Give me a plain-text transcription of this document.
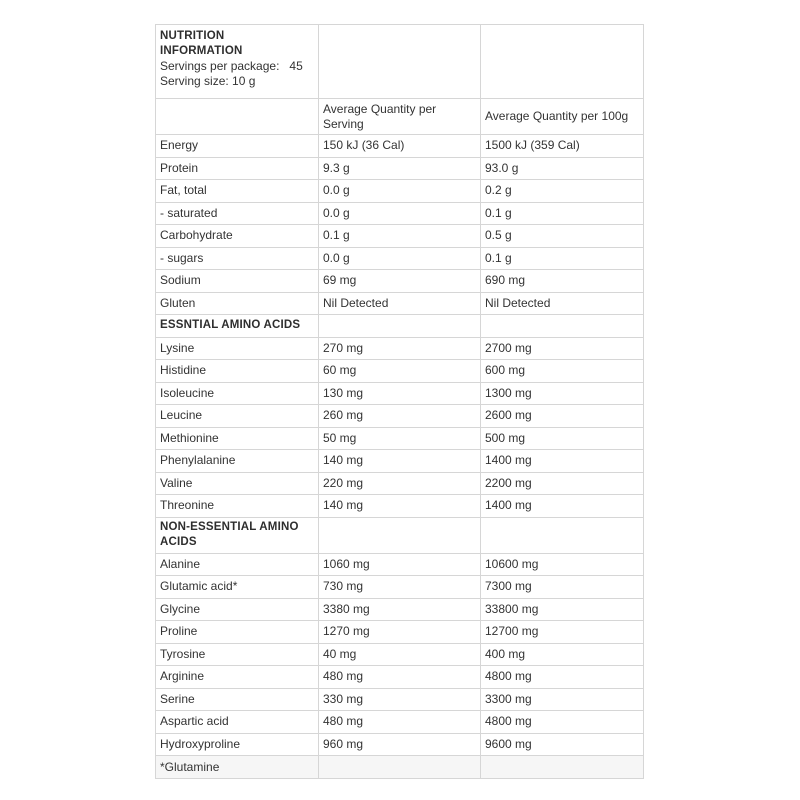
NUTRITION
INFORMATION
Servings per package:   45
Serving size: 10 g		

	Average Quantity per Serving	Average Quantity per 100g
Energy	150 kJ (36 Cal)	1500 kJ (359 Cal)
Protein	9.3 g	93.0 g
Fat, total	0.0 g	0.2 g
- saturated	0.0 g	0.1 g
Carbohydrate	0.1 g	0.5 g
- sugars	0.0 g	0.1 g
Sodium	69 mg	690 mg
Gluten	Nil Detected	Nil Detected

ESSNTIAL AMINO ACIDS		

Lysine	270 mg	2700 mg
Histidine	60 mg	600 mg
Isoleucine	130 mg	1300 mg
Leucine	260 mg	2600 mg
Methionine	50 mg	500 mg
Phenylalanine	140 mg	1400 mg
Valine	220 mg	2200 mg
Threonine	140 mg	1400 mg

NON-ESSENTIAL AMINO ACIDS		

Alanine	1060 mg	10600 mg
Glutamic acid*	730 mg	7300 mg
Glycine	3380 mg	33800 mg
Proline	1270 mg	12700 mg
Tyrosine	40 mg	400 mg
Arginine	480 mg	4800 mg
Serine	330 mg	3300 mg
Aspartic acid	480 mg	4800 mg
Hydroxyproline	960 mg	9600 mg
*Glutamine		
